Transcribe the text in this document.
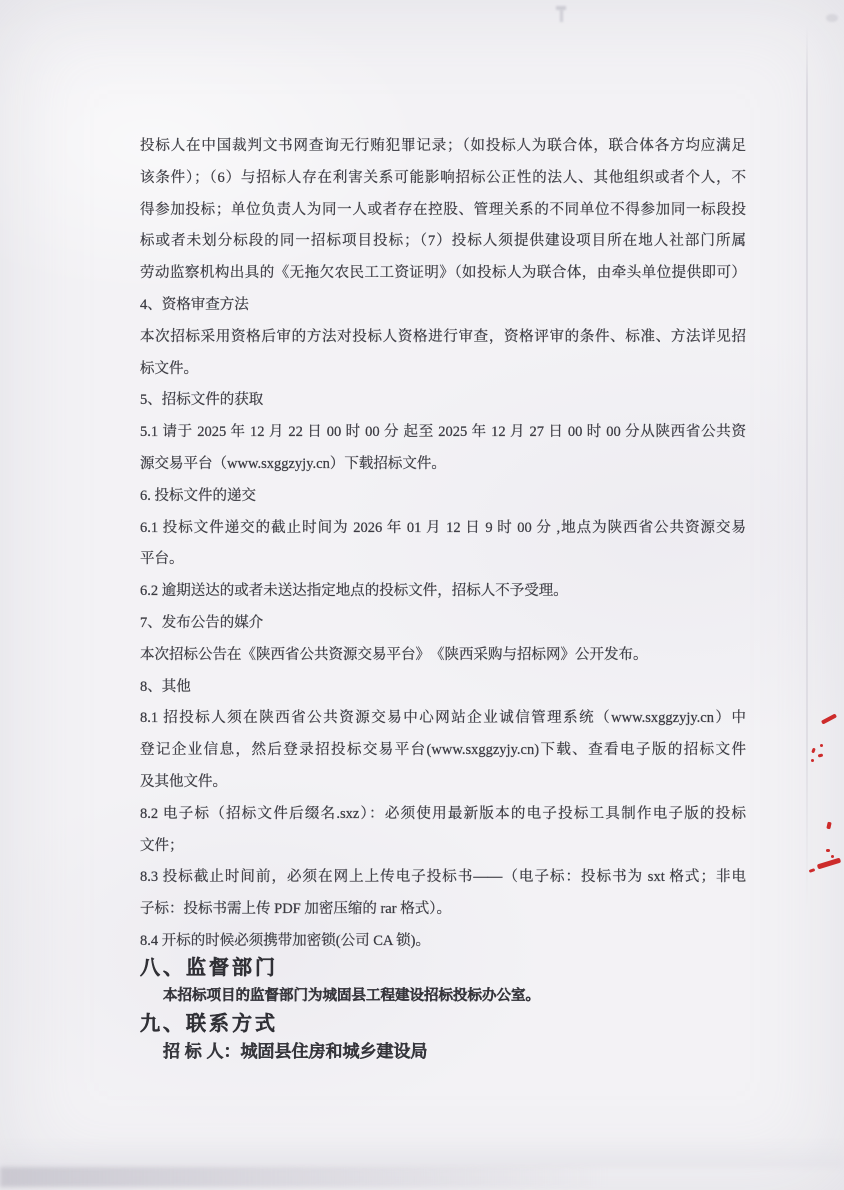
投标人在中国裁判文书网查询无行贿犯罪记录；（如投标人为联合体，联合体各方均应满足
该条件）；（6）与招标人存在利害关系可能影响招标公正性的法人、其他组织或者个人，不
得参加投标；单位负责人为同一人或者存在控股、管理关系的不同单位不得参加同一标段投
标或者未划分标段的同一招标项目投标；（7）投标人须提供建设项目所在地人社部门所属
劳动监察机构出具的《无拖欠农民工工资证明》（如投标人为联合体，由牵头单位提供即可）
4、资格审查方法
本次招标采用资格后审的方法对投标人资格进行审查，资格评审的条件、标准、方法详见招
标文件。
5、招标文件的获取
5.1 请于 2025 年 12 月 22 日 00 时 00 分 起至 2025 年 12 月 27 日 00 时 00 分从陕西省公共资
源交易平台（www.sxggzyjy.cn）下载招标文件。
6. 投标文件的递交
6.1 投标文件递交的截止时间为 2026 年 01 月 12 日 9 时 00 分 ,地点为陕西省公共资源交易
平台。
6.2 逾期送达的或者未送达指定地点的投标文件，招标人不予受理。
7、发布公告的媒介
本次招标公告在《陕西省公共资源交易平台》　《陕西采购与招标网》公开发布。
8、其他
8.1 招投标人须在陕西省公共资源交易中心网站企业诚信管理系统（www.sxggzyjy.cn）中
登记企业信息，然后登录招投标交易平台(www.sxggzyjy.cn)下载、查看电子版的招标文件
及其他文件。
8.2 电子标（招标文件后缀名.sxz）：必须使用最新版本的电子投标工具制作电子版的投标
文件；
8.3 投标截止时间前，必须在网上上传电子投标书——（电子标：投标书为 sxt 格式；非电
子标：投标书需上传 PDF 加密压缩的 rar 格式）。
8.4 开标的时候必须携带加密锁(公司 CA 锁)。
八、监督部门
本招标项目的监督部门为城固县工程建设招标投标办公室。
九、联系方式
招 标 人：城固县住房和城乡建设局
